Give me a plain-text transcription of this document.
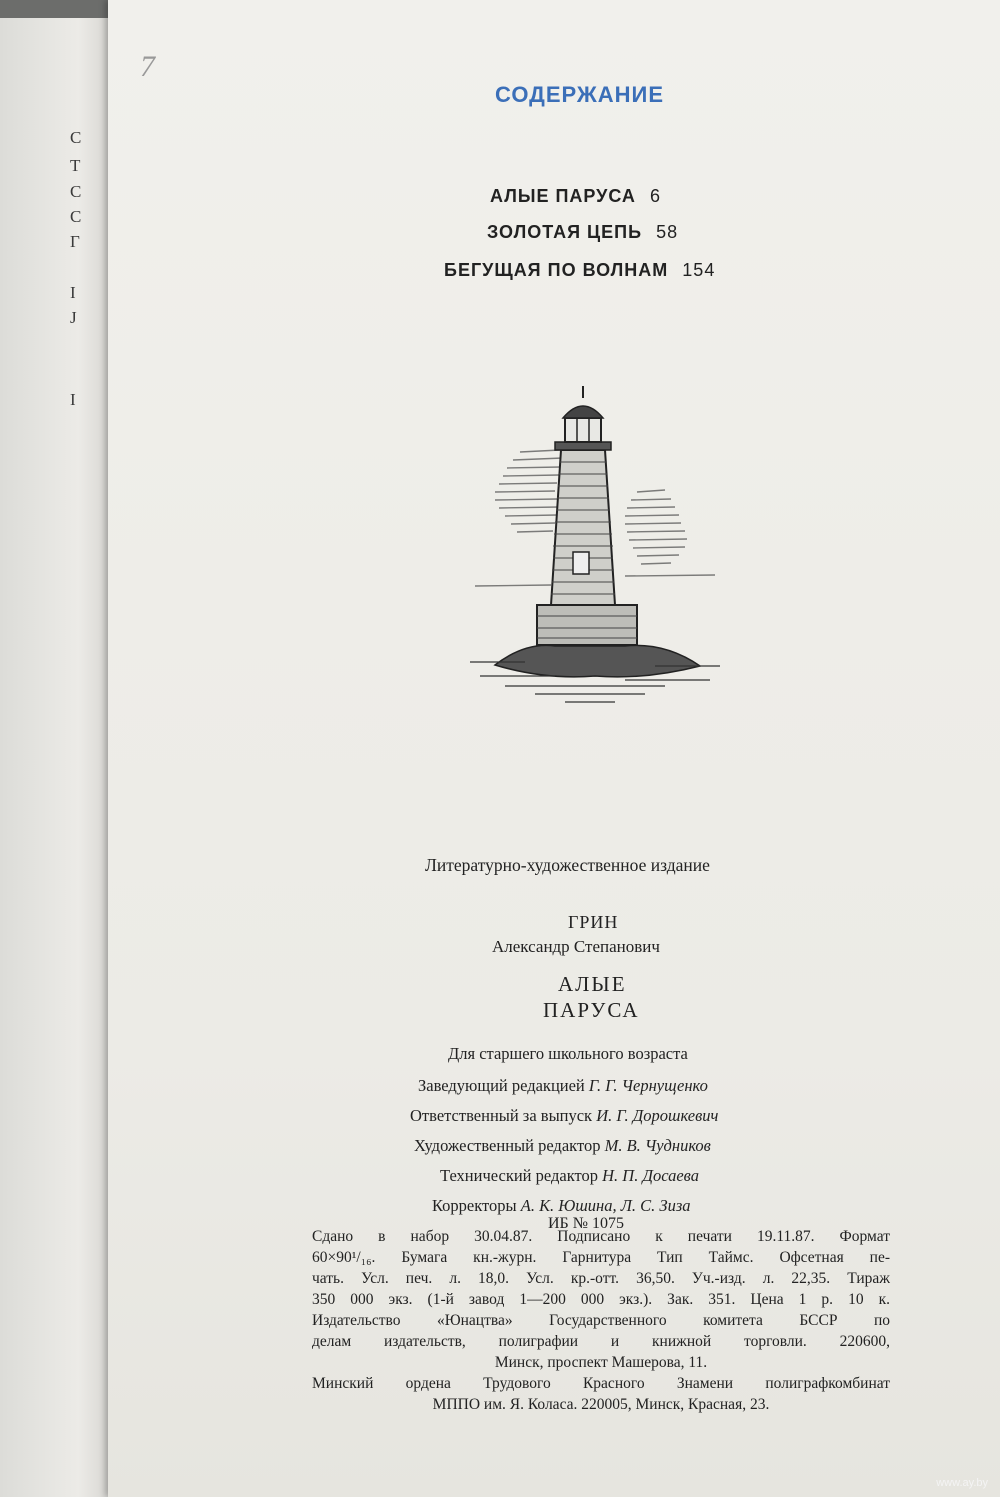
С
Т
С
С
Г
І
Ј
І
7
СОДЕРЖАНИЕ
АЛЫЕ ПАРУСА 6
ЗОЛОТАЯ ЦЕПЬ 58
БЕГУЩАЯ ПО ВОЛНАМ 154
Литературно-художественное издание
ГРИН
Александр Степанович
АЛЫЕ
ПАРУСА
Для старшего школьного возраста
Заведующий редакцией Г. Г. Чернущенко
Ответственный за выпуск И. Г. Дорошкевич
Художественный редактор М. В. Чудников
Технический редактор Н. П. Досаева
Корректоры А. К. Юшина, Л. С. Зиза
ИБ № 1075

Сдано в набор 30.04.87. Подписано к печати 19.11.87. Формат

60×90¹/₁₆. Бумага кн.-журн. Гарнитура Тип Таймс. Офсетная пе-

чать. Усл. печ. л. 18,0. Усл. кр.-отт. 36,50. Уч.-изд. л. 22,35. Тираж

350 000 экз. (1-й завод 1—200 000 экз.). Зак. 351. Цена 1 р. 10 к.

Издательство «Юнацтва» Государственного комитета БССР по

делам издательств, полиграфии и книжной торговли. 220600,

Минск, проспект Машерова, 11.

Минский ордена Трудового Красного Знамени полиграфкомбинат

МППО им. Я. Коласа. 220005, Минск, Красная, 23.

www.ay.by
